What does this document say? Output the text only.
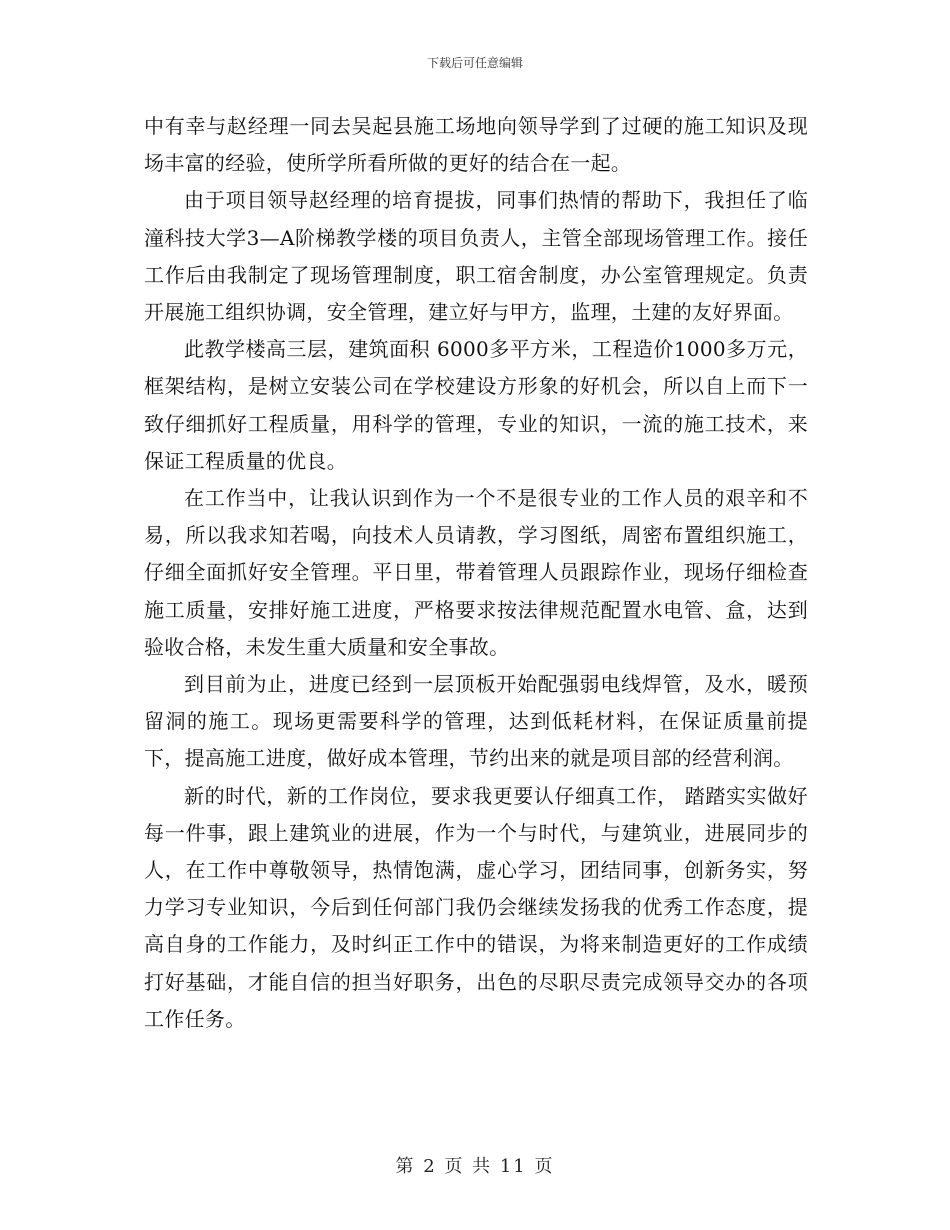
下载后可任意编辑

中有幸与赵经理一同去吴起县施工场地向领导学到了过硬的施工知识及现场丰富的经验，使所学所看所做的更好的结合在一起。

由于项目领导赵经理的培育提拔，同事们热情的帮助下，我担任了临潼科技大学3—A阶梯教学楼的项目负责人，主管全部现场管理工作。接任工作后由我制定了现场管理制度，职工宿舍制度，办公室管理规定。负责开展施工组织协调，安全管理，建立好与甲方，监理，土建的友好界面。

此教学楼高三层，建筑面积 6000多平方米，工程造价1000多万元， 框架结构，是树立安装公司在学校建设方形象的好机会，所以自上而下一致仔细抓好工程质量，用科学的管理，专业的知识，一流的施工技术，来保证工程质量的优良。

在工作当中，让我认识到作为一个不是很专业的工作人员的艰辛和不易，所以我求知若喝，向技术人员请教，学习图纸，周密布置组织施工，仔细全面抓好安全管理。平日里，带着管理人员跟踪作业，现场仔细检查施工质量，安排好施工进度，严格要求按法律规范配置水电管、盒，达到验收合格，未发生重大质量和安全事故。

到目前为止，进度已经到一层顶板开始配强弱电线焊管，及水，暖预留洞的施工。现场更需要科学的管理，达到低耗材料，在保证质量前提下，提高施工进度，做好成本管理，节约出来的就是项目部的经营利润。

新的时代，新的工作岗位，要求我更要认仔细真工作， 踏踏实实做好每一件事，跟上建筑业的进展，作为一个与时代，与建筑业，进展同步的人，在工作中尊敬领导，热情饱满，虚心学习，团结同事，创新务实，努力学习专业知识，今后到任何部门我仍会继续发扬我的优秀工作态度，提高自身的工作能力，及时纠正工作中的错误，为将来制造更好的工作成绩打好基础，才能自信的担当好职务，出色的尽职尽责完成领导交办的各项工作任务。

第 2 页 共 11 页
